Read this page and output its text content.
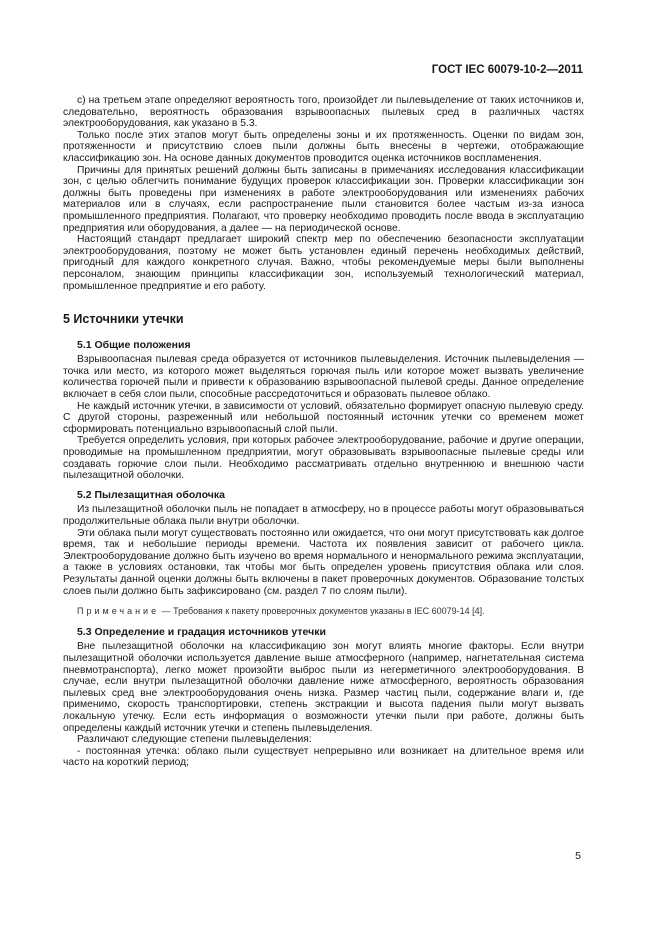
ГОСТ IEC 60079-10-2—2011

c) на третьем этапе определяют вероятность того, произойдет ли пылевыделение от таких источников и, следовательно, вероятность образования взрывоопасных пылевых сред в различных частях электрооборудования, как указано в 5.3.

Только после этих этапов могут быть определены зоны и их протяженность. Оценки по видам зон, протяженности и присутствию слоев пыли должны быть внесены в чертежи, отображающие классификацию зон. На основе данных документов проводится оценка источников воспламенения.

Причины для принятых решений должны быть записаны в примечаниях исследования классификации зон, с целью облегчить понимание будущих проверок классификации зон. Проверки классификации зон должны быть проведены при изменениях в работе электрооборудования или изменениях рабочих материалов или в случаях, если распространение пыли становится более частым из-за износа промышленного предприятия. Полагают, что проверку необходимо проводить после ввода в эксплуатацию предприятия или оборудования, а далее — на периодической основе.

Настоящий стандарт предлагает широкий спектр мер по обеспечению безопасности эксплуатации электрооборудования, поэтому не может быть установлен единый перечень необходимых действий, пригодный для каждого конкретного случая. Важно, чтобы рекомендуемые меры были выполнены персоналом, знающим принципы классификации зон, используемый технологический материал, промышленное предприятие и его работу.

5 Источники утечки

5.1 Общие положения

Взрывоопасная пылевая среда образуется от источников пылевыделения. Источник пылевыделения — точка или место, из которого может выделяться горючая пыль или которое может вызвать увеличение количества горючей пыли и привести к образованию взрывоопасной пылевой среды. Данное определение включает в себя слои пыли, способные рассредоточиться и образовать пылевое облако.

Не каждый источник утечки, в зависимости от условий, обязательно формирует опасную пылевую среду. С другой стороны, разреженный или небольшой постоянный источник утечки со временем может сформировать потенциально взрывоопасный слой пыли.

Требуется определить условия, при которых рабочее электрооборудование, рабочие и другие операции, проводимые на промышленном предприятии, могут образовывать взрывоопасные пылевые среды или создавать горючие слои пыли. Необходимо рассматривать отдельно внутреннюю и внешнюю части пылезащитной оболочки.

5.2 Пылезащитная оболочка

Из пылезащитной оболочки пыль не попадает в атмосферу, но в процессе работы могут образовываться продолжительные облака пыли внутри оболочки.

Эти облака пыли могут существовать постоянно или ожидается, что они могут присутствовать как долгое время, так и небольшие периоды времени. Частота их появления зависит от рабочего цикла. Электрооборудование должно быть изучено во время нормального и ненормального режима эксплуатации, а также в условиях остановки, так чтобы мог быть определен уровень присутствия облака или слоя. Результаты данной оценки должны быть включены в пакет проверочных документов. Образование толстых слоев пыли должно быть зафиксировано (см. раздел 7 по слоям пыли).

Примечание — Требования к пакету проверочных документов указаны в IEC 60079-14 [4].

5.3 Определение и градация источников утечки

Вне пылезащитной оболочки на классификацию зон могут влиять многие факторы. Если внутри пылезащитной оболочки используется давление выше атмосферного (например, нагнетательная система пневмотранспорта), легко может произойти выброс пыли из негерметичного электрооборудования. В случае, если внутри пылезащитной оболочки давление ниже атмосферного, вероятность образования пылевых сред вне электрооборудования очень низка. Размер частиц пыли, содержание влаги и, где применимо, скорость транспортировки, степень экстракции и высота падения пыли могут вызвать локальную утечку. Если есть информация о возможности утечки пыли при работе, должны быть определены каждый источник утечки и степень пылевыделения.

Различают следующие степени пылевыделения:

- постоянная утечка: облако пыли существует непрерывно или возникает на длительное время или часто на короткий период;

5
